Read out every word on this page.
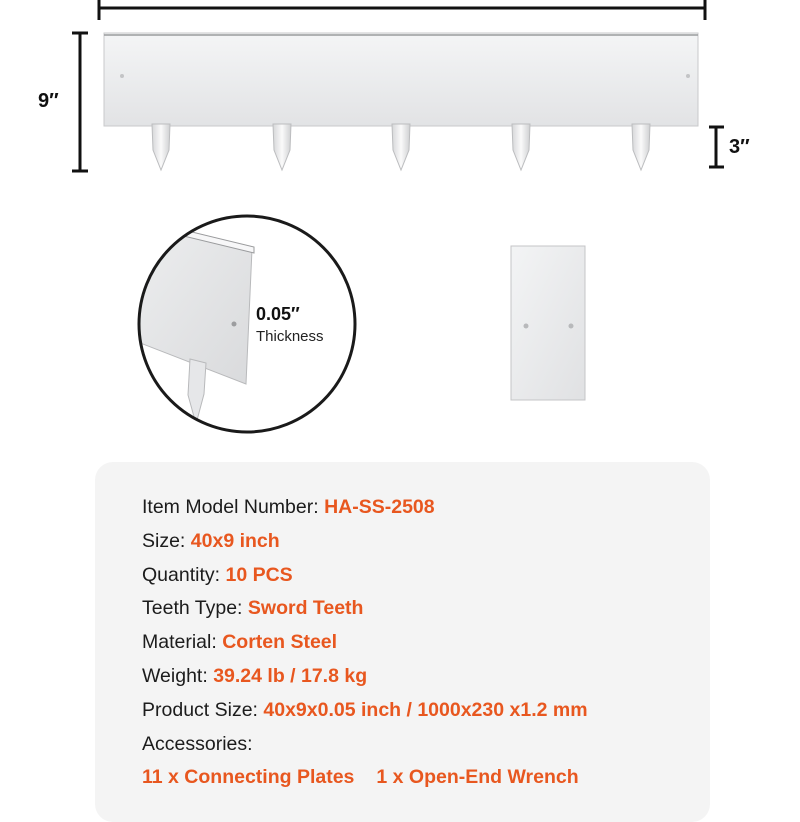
9′′
3′′
0.05′′
Thickness
Item Model Number: HA-SS-2508
Size: 40x9 inch
Quantity: 10 PCS
Teeth Type: Sword Teeth
Material: Corten Steel
Weight: 39.24 lb / 17.8 kg
Product Size: 40x9x0.05 inch / 1000x230 x1.2 mm
Accessories:
11 x Connecting Plates 1 x Open-End Wrench
